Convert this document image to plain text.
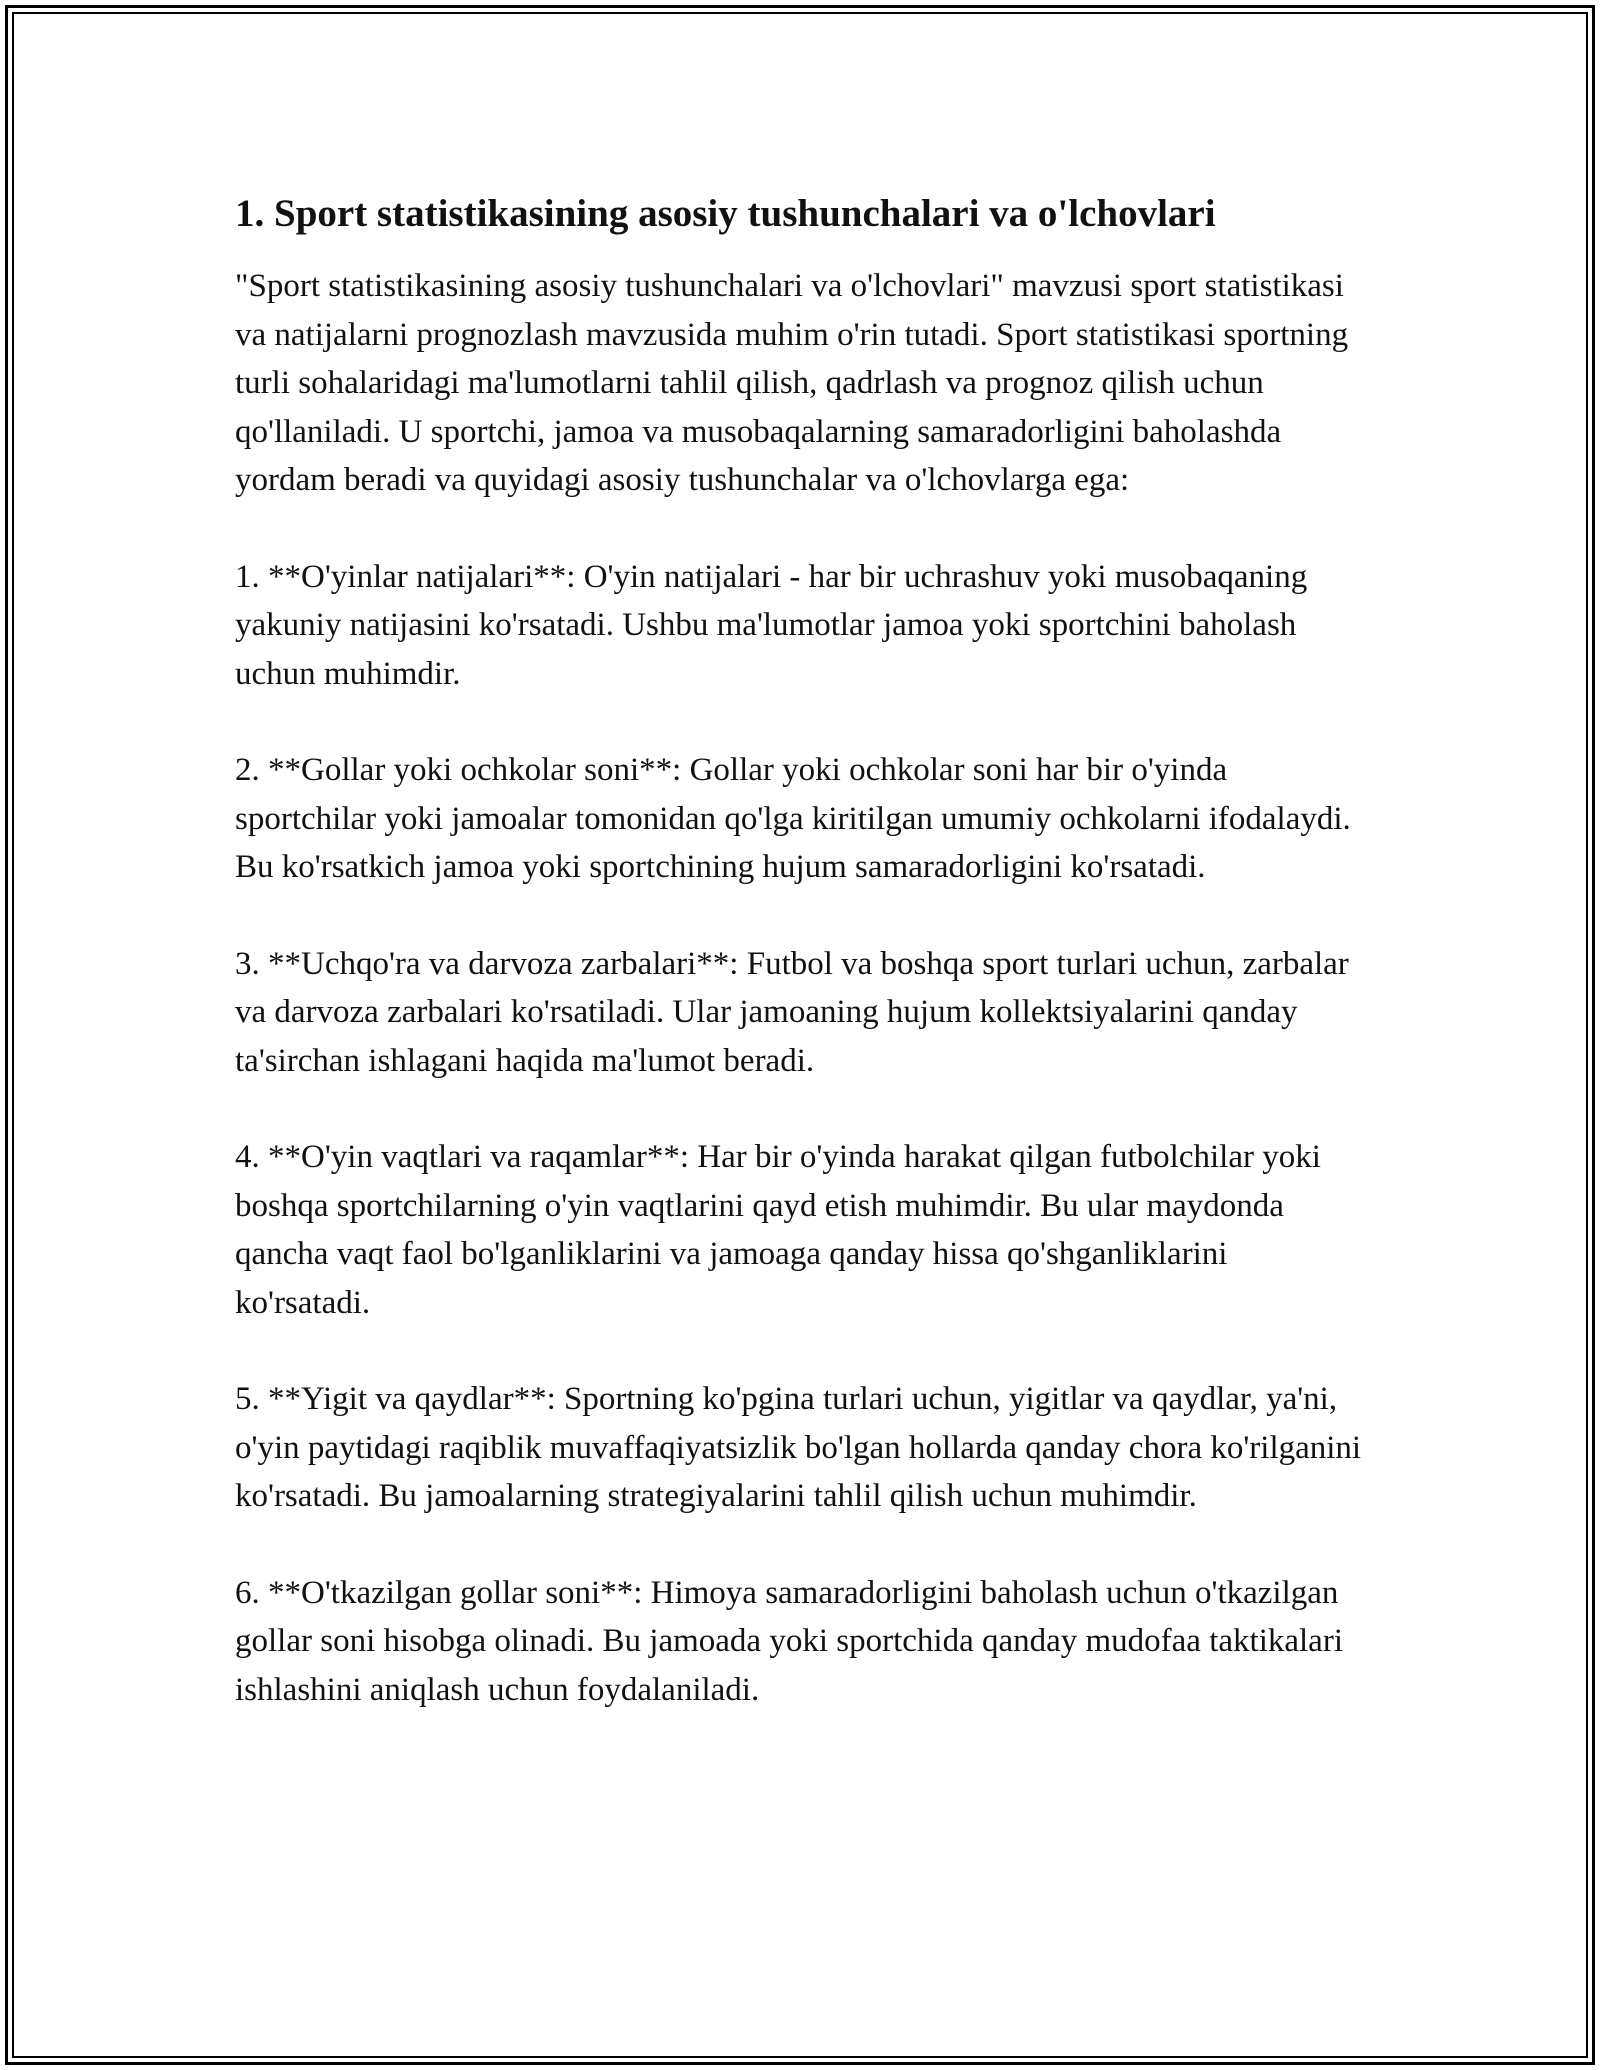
1. Sport statistikasining asosiy tushunchalari va o'lchovlari

"Sport statistikasining asosiy tushunchalari va o'lchovlari" mavzusi sport statistikasi va natijalarni prognozlash mavzusida muhim o'rin tutadi. Sport statistikasi sportning turli sohalaridagi ma'lumotlarni tahlil qilish, qadrlash va prognoz qilish uchun qo'llaniladi. U sportchi, jamoa va musobaqalarning samaradorligini baholashda yordam beradi va quyidagi asosiy tushunchalar va o'lchovlarga ega:

1. **O'yinlar natijalari**: O'yin natijalari - har bir uchrashuv yoki musobaqaning yakuniy natijasini ko'rsatadi. Ushbu ma'lumotlar jamoa yoki sportchini baholash uchun muhimdir.

2. **Gollar yoki ochkolar soni**: Gollar yoki ochkolar soni har bir o'yinda sportchilar yoki jamoalar tomonidan qo'lga kiritilgan umumiy ochkolarni ifodalaydi. Bu ko'rsatkich jamoa yoki sportchining hujum samaradorligini ko'rsatadi.

3. **Uchqo'ra va darvoza zarbalari**: Futbol va boshqa sport turlari uchun, zarbalar va darvoza zarbalari ko'rsatiladi. Ular jamoaning hujum kollektsiyalarini qanday ta'sirchan ishlagani haqida ma'lumot beradi.

4. **O'yin vaqtlari va raqamlar**: Har bir o'yinda harakat qilgan futbolchilar yoki boshqa sportchilarning o'yin vaqtlarini qayd etish muhimdir. Bu ular maydonda qancha vaqt faol bo'lganliklarini va jamoaga qanday hissa qo'shganliklarini ko'rsatadi.

5. **Yigit va qaydlar**: Sportning ko'pgina turlari uchun, yigitlar va qaydlar, ya'ni, o'yin paytidagi raqiblik muvaffaqiyatsizlik bo'lgan hollarda qanday chora ko'rilganini ko'rsatadi. Bu jamoalarning strategiyalarini tahlil qilish uchun muhimdir.

6. **O'tkazilgan gollar soni**: Himoya samaradorligini baholash uchun o'tkazilgan gollar soni hisobga olinadi. Bu jamoada yoki sportchida qanday mudofaa taktikalari ishlashini aniqlash uchun foydalaniladi.
